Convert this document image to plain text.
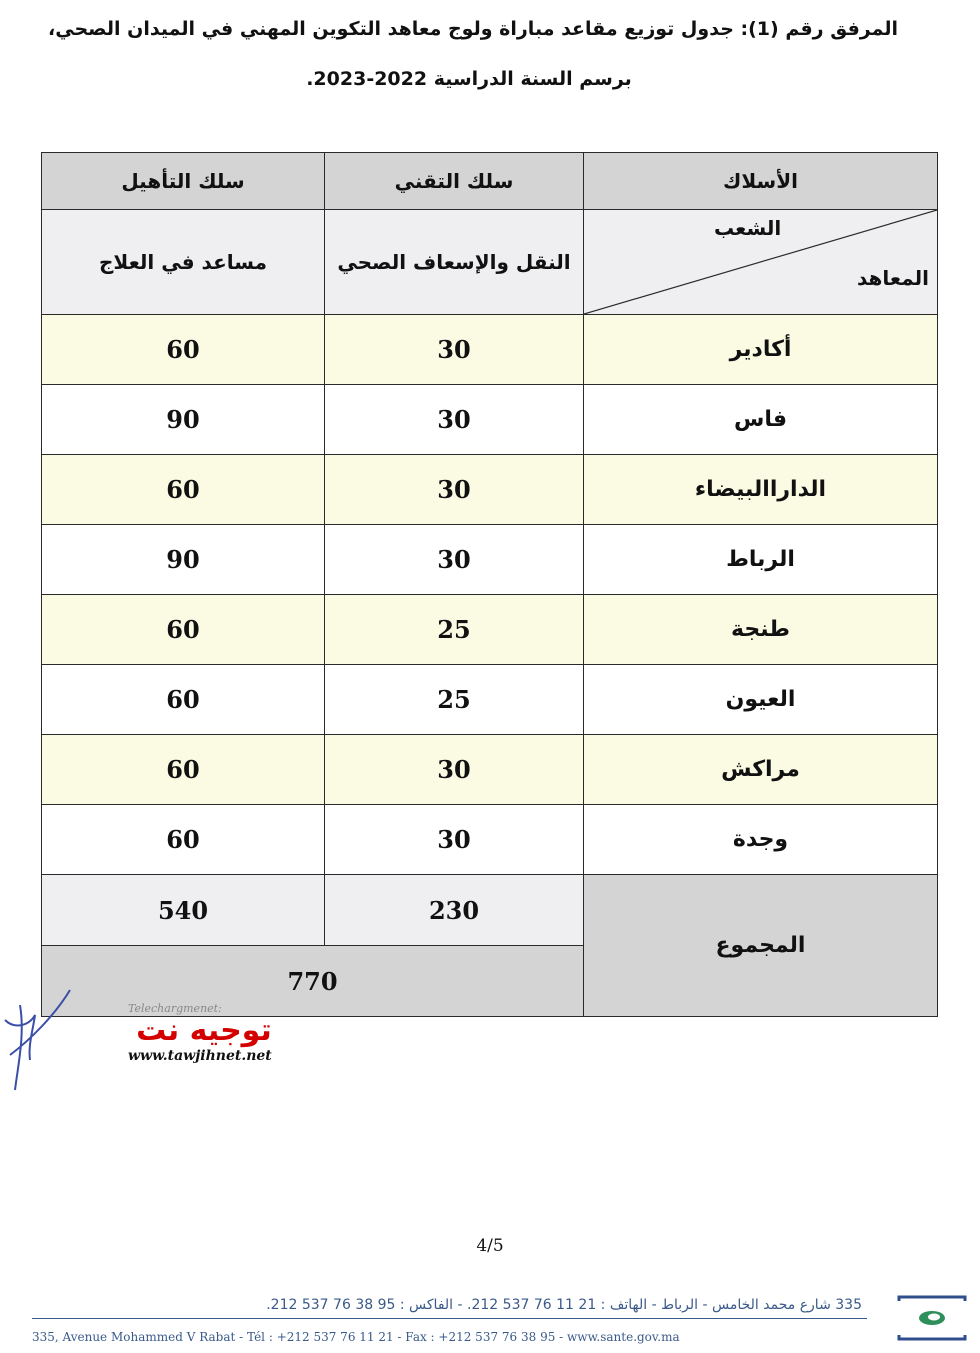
المرفق رقم (1): جدول توزيع مقاعد مباراة ولوج معاهد التكوين المهني في الميدان الصحي،
برسم السنة الدراسية 2022-2023.
الأسلاك	سلك التقني	سلك التأهيل

الشعب
المعاهد	النقل والإسعاف الصحي	مساعد في العلاج
أكادير	30	60
فاس	30	90
الداراالبيضاء	30	60
الرباط	30	90
طنجة	25	60
العيون	25	60
مراكش	30	60
وجدة	30	60
المجموع	230	540
	770	
Telechargmenet:
توجيه نت
www.tawjihnet.net
4/5
335 شارع محمد الخامس - الرباط - الهاتف : 21 11 76 537 212. - الفاكس : 95 38 76 537 212.
335, Avenue Mohammed V Rabat - Tél : +212 537 76 11 21 - Fax : +212 537 76 38 95 - www.sante.gov.ma
